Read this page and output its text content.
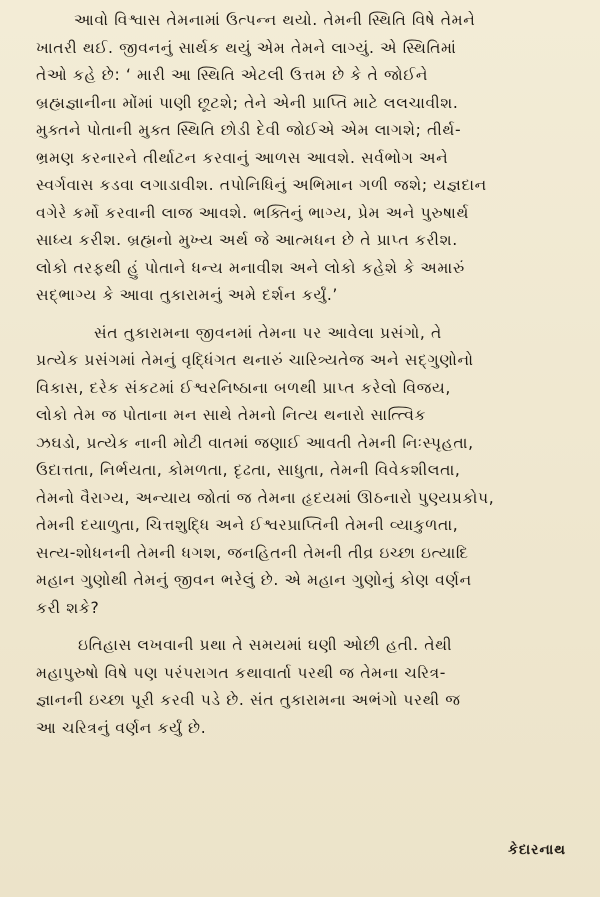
આવો વિશ્વાસ તેમનામાં ઉત્પન્ન થયો. તેમની સ્થિતિ વિષે તેમને
ખાતરી થઈ. જીવનનું સાર્થક થયું એમ તેમને લાગ્યું. એ સ્થિતિમાં
તેઓ કહે છે: ‘ મારી આ સ્થિતિ એટલી ઉત્તમ છે કે તે જોઈને
બ્રહ્મજ્ઞાનીના મોંમાં પાણી છૂટશે; તેને એની પ્રાપ્તિ માટે લલચાવીશ.
મુક્તને પોતાની મુક્ત સ્થિતિ છોડી દેવી જોઈએ એમ લાગશે; તીર્થ-
ભ્રમણ કરનારને તીર્થાટન કરવાનું આળસ આવશે. સર્વભોગ અને
સ્વર્ગવાસ કડવા લગાડાવીશ. તપોનિધિનું અભિમાન ગળી જશે; યજ્ઞદાન
વગેરે કર્મો કરવાની લાજ આવશે. ભક્તિનું ભાગ્ય, પ્રેમ અને પુરુષાર્થ
સાધ્ય કરીશ. બ્રહ્મનો મુખ્ય અર્થ જે આત્મધન છે તે પ્રાપ્ત કરીશ.
લોકો તરફથી હું પોતાને ધન્ય મનાવીશ અને લોકો કહેશે કે અમારું
સદ્ભાગ્ય કે આવા તુકારામનું અમે દર્શન કર્યું.’
સંત તુકારામના જીવનમાં તેમના પર આવેલા પ્રસંગો, તે
પ્રત્યેક પ્રસંગમાં તેમનું વૃદ્ધિંગત થનારું ચારિત્ર્યતેજ અને સદ્ગુણોનો
વિકાસ, દરેક સંકટમાં ઈશ્વરનિષ્ઠાના બળથી પ્રાપ્ત કરેલો વિજય,
લોકો તેમ જ પોતાના મન સાથે તેમનો નિત્ય થનારો સાત્ત્વિક
ઝઘડો, પ્રત્યેક નાની મોટી વાતમાં જણાઈ આવતી તેમની નિઃસ્પૃહતા,
ઉદાત્તતા, નિર્ભયતા, કોમળતા, દૃઢતા, સાધુતા, તેમની વિવેકશીલતા,
તેમનો વૈરાગ્ય, અન્યાય જોતાં જ તેમના હૃદયમાં ઊઠનારો પુણ્યપ્રકોપ,
તેમની દયાળુતા, ચિત્તશુદ્ધિ અને ઈશ્વરપ્રાપ્તિની તેમની વ્યાકુળતા,
સત્ય-શોધનની તેમની ધગશ, જનહિતની તેમની તીવ્ર ઇચ્છા ઇત્યાદિ
મહાન ગુણોથી તેમનું જીવન ભરેલું છે. એ મહાન ગુણોનું કોણ વર્ણન
કરી શકે?
ઇતિહાસ લખવાની પ્રથા તે સમયમાં ઘણી ઓછી હતી. તેથી
મહાપુરુષો વિષે પણ પરંપરાગત કથાવાર્તા પરથી જ તેમના ચરિત્ર-
જ્ઞાનની ઇચ્છા પૂરી કરવી પડે છે. સંત તુકારામના અભંગો પરથી જ
આ ચરિત્રનું વર્ણન કર્યું છે.
કેદારનાથ
